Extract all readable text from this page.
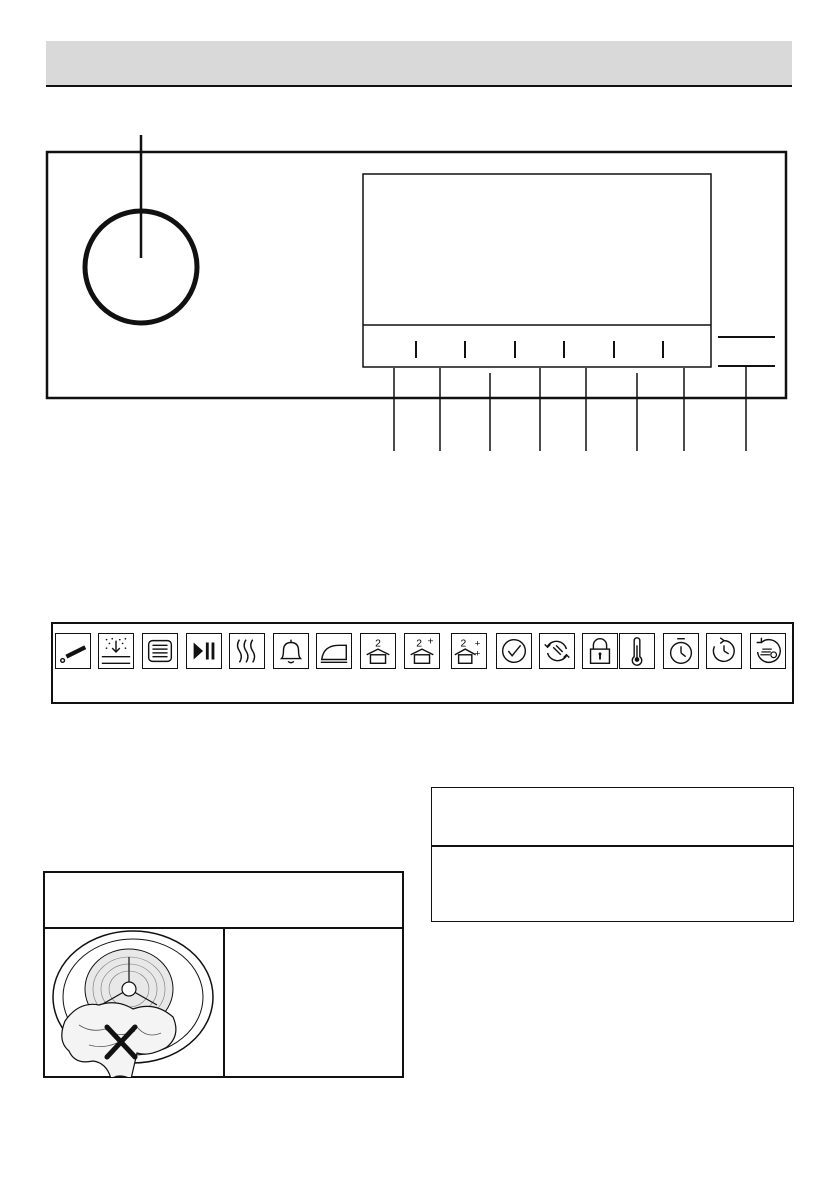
2	2 + 2 +
+
